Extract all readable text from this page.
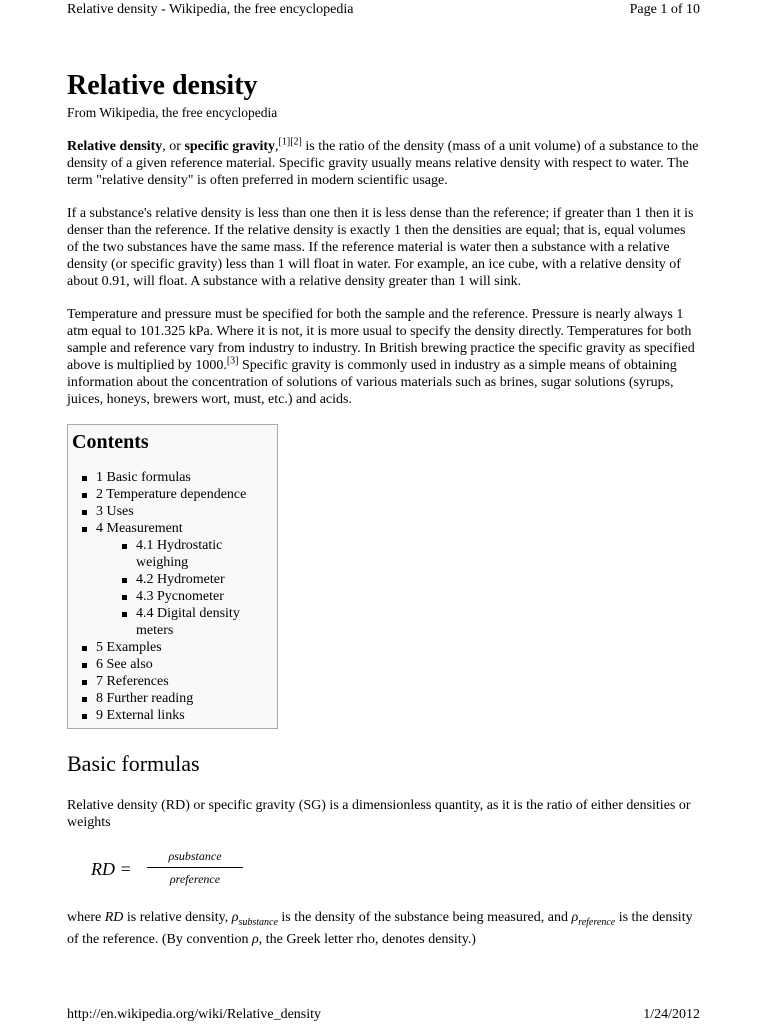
Relative density - Wikipedia, the free encyclopedia	Page 1 of 10
Relative density
From Wikipedia, the free encyclopedia

Relative density, or specific gravity,[1][2] is the ratio of the density (mass of a unit volume) of a substance to the density of a given reference material. Specific gravity usually means relative density with respect to water. The term "relative density" is often preferred in modern scientific usage.

If a substance's relative density is less than one then it is less dense than the reference; if greater than 1 then it is denser than the reference. If the relative density is exactly 1 then the densities are equal; that is, equal volumes of the two substances have the same mass. If the reference material is water then a substance with a relative density (or specific gravity) less than 1 will float in water. For example, an ice cube, with a relative density of about 0.91, will float. A substance with a relative density greater than 1 will sink.

Temperature and pressure must be specified for both the sample and the reference. Pressure is nearly always 1 atm equal to 101.325 kPa. Where it is not, it is more usual to specify the density directly. Temperatures for both sample and reference vary from industry to industry. In British brewing practice the specific gravity as specified above is multiplied by 1000.[3] Specific gravity is commonly used in industry as a simple means of obtaining information about the concentration of solutions of various materials such as brines, sugar solutions (syrups, juices, honeys, brewers wort, must, etc.) and acids.

Contents
1 Basic formulas
2 Temperature dependence
3 Uses
4 Measurement
4.1 Hydrostatic weighing
4.2 Hydrometer
4.3 Pycnometer
4.4 Digital density meters
5 Examples
6 See also
7 References
8 Further reading
9 External links
Basic formulas

Relative density (RD) or specific gravity (SG) is a dimensionless quantity, as it is the ratio of either densities or weights

RD =
ρsubstance
ρreference

where RD is relative density, $\rho_{substance}$ is the density of the substance being measured, and $\rho_{reference}$ is the density of the reference. (By convention ρ, the Greek letter rho, denotes density.)

http://en.wikipedia.org/wiki/Relative_density	1/24/2012
